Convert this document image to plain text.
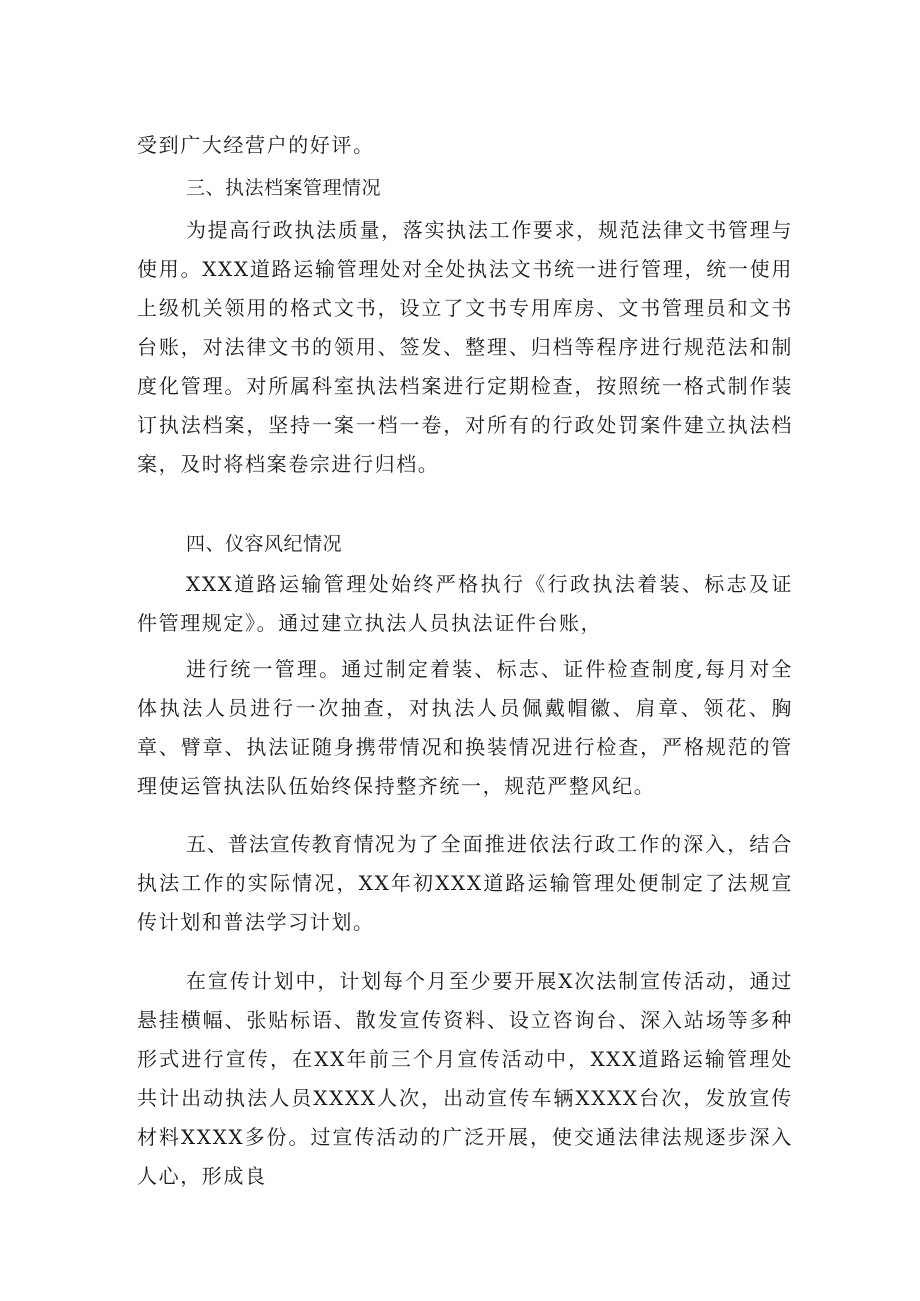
受到广大经营户的好评。
三、执法档案管理情况
为提高行政执法质量，落实执法工作要求，规范法律文书管理与使用。XXX道路运输管理处对全处执法文书统一进行管理，统一使用上级机关领用的格式文书，设立了文书专用库房、文书管理员和文书台账，对法律文书的领用、签发、整理、归档等程序进行规范法和制度化管理。对所属科室执法档案进行定期检查，按照统一格式制作装订执法档案，坚持一案一档一卷，对所有的行政处罚案件建立执法档案，及时将档案卷宗进行归档。
四、仪容风纪情况
XXX道路运输管理处始终严格执行《行政执法着装、标志及证件管理规定》。通过建立执法人员执法证件台账，
进行统一管理。通过制定着装、标志、证件检查制度,每月对全体执法人员进行一次抽查，对执法人员佩戴帽徽、肩章、领花、胸章、臂章、执法证随身携带情况和换装情况进行检查，严格规范的管理使运管执法队伍始终保持整齐统一，规范严整风纪。
五、普法宣传教育情况为了全面推进依法行政工作的深入，结合执法工作的实际情况，XX年初XXX道路运输管理处便制定了法规宣传计划和普法学习计划。
在宣传计划中，计划每个月至少要开展X次法制宣传活动，通过悬挂横幅、张贴标语、散发宣传资料、设立咨询台、深入站场等多种形式进行宣传，在XX年前三个月宣传活动中，XXX道路运输管理处共计出动执法人员XXXX人次，出动宣传车辆XXXX台次，发放宣传材料XXXX多份。过宣传活动的广泛开展，使交通法律法规逐步深入人心，形成良
